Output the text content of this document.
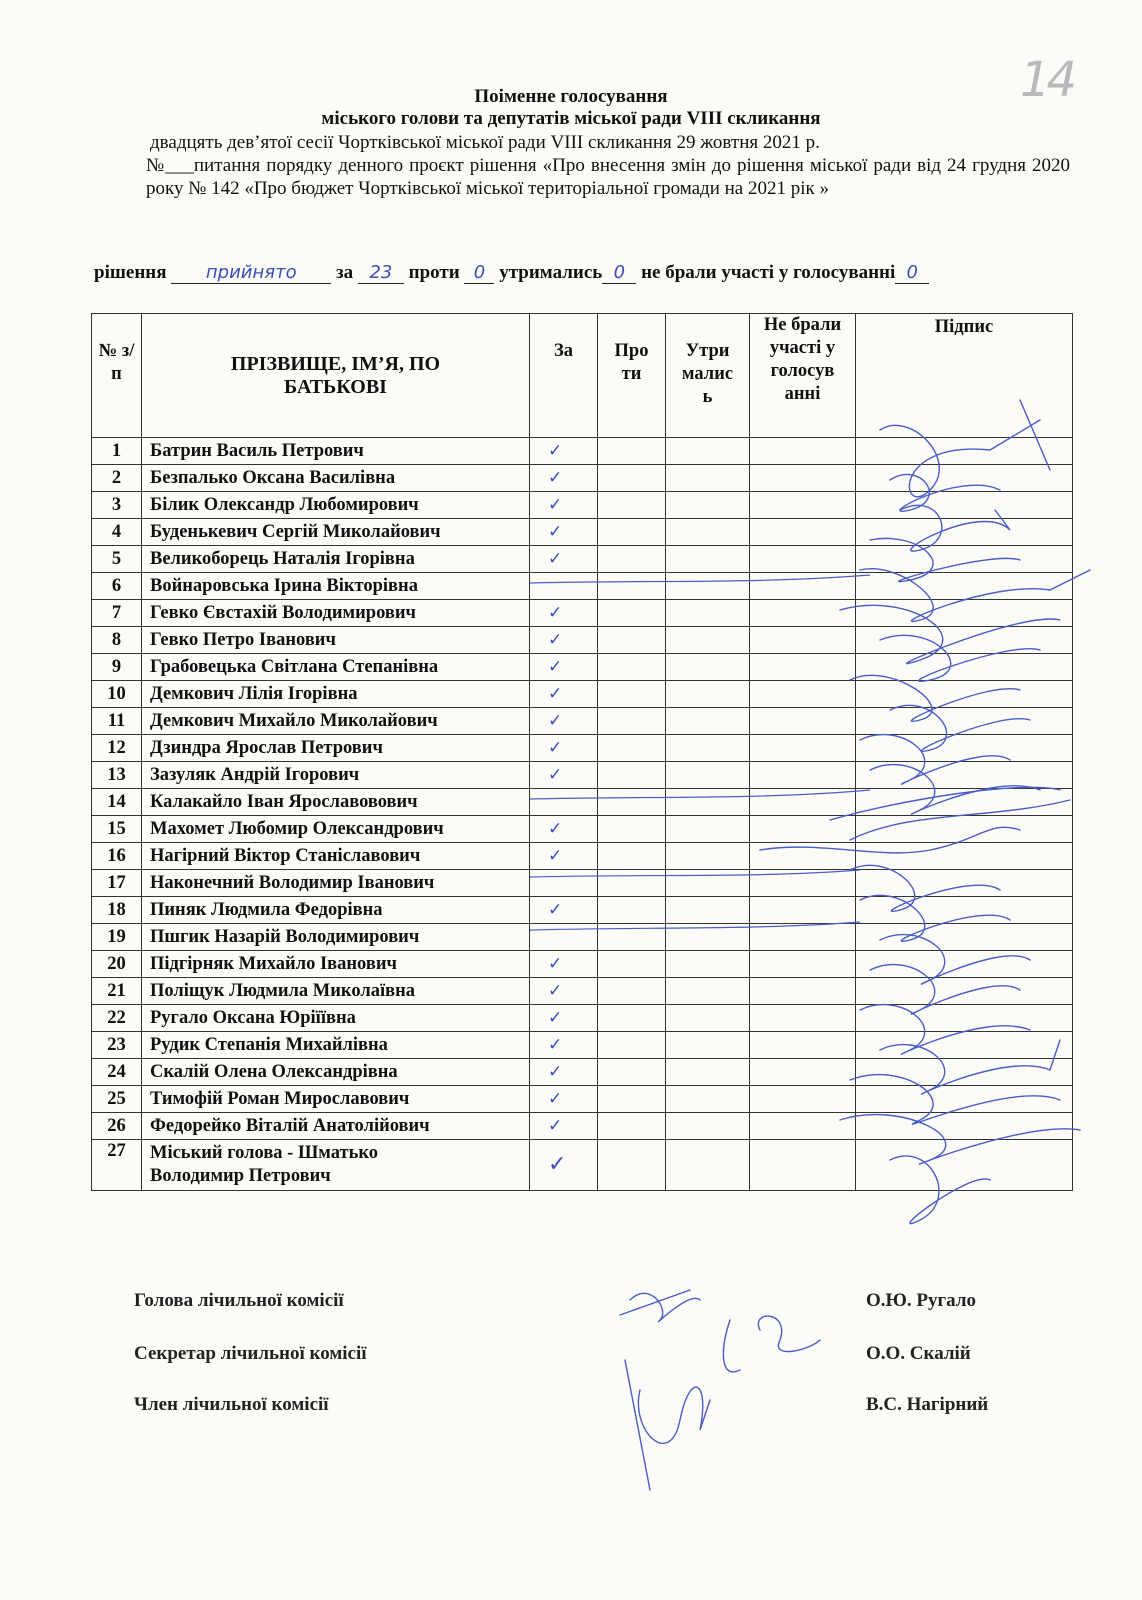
14
Поіменне голосування
міського голови та депутатів міської ради VIII скликання
двадцять дев’ятої сесії Чортківської міської ради VIII скликання 29 жовтня 2021 р.
№___питання порядку денного проєкт рішення «Про внесення змін до рішення міської ради від 24 грудня 2020 року № 142 «Про бюджет Чортківської міської територіальної громади на 2021 рік »
рішення прийнято за 23 проти 0 утримались 0 не брали участі у голосуванні 0
№ з/п	ПРІЗВИЩЕ, ІМ’Я, ПО БАТЬКОВІ	За	Про ти	Утри малис ь	Не брали участі у голосув анні	Підпис
1	Батрин Василь Петрович	✓				
2	Безпалько Оксана Василівна	✓				
3	Білик Олександр Любомирович	✓				
4	Буденькевич Сергій Миколайович	✓				
5	Великоборець Наталія Ігорівна	✓				
6	Войнаровська Ірина Вікторівна					
7	Гевко Євстахій Володимирович	✓				
8	Гевко Петро Іванович	✓				
9	Грабовецька Світлана Степанівна	✓				
10	Демкович Лілія Ігорівна	✓				
11	Демкович Михайло Миколайович	✓				
12	Дзиндра Ярослав Петрович	✓				
13	Зазуляк Андрій Ігорович	✓				
14	Калакайло Іван Ярославовович					
15	Махомет Любомир Олександрович	✓				
16	Нагірний Віктор Станіславович	✓				
17	Наконечний Володимир Іванович					
18	Пиняк Людмила Федорівна	✓				
19	Пшгик Назарій Володимирович					
20	Підгірняк Михайло Іванович	✓				
21	Поліщук Людмила Миколаївна	✓				
22	Ругало Оксана Юріїївна	✓				
23	Рудик Степанія Михайлівна	✓				
24	Скалій Олена Олександрівна	✓				
25	Тимофій Роман Мирославович	✓				
26	Федорейко Віталій Анатолійович	✓				
27	Міський голова - Шматько
Володимир Петрович	✓				
Голова лічильної комісії	О.Ю. Ругало
Секретар лічильної комісії	О.О. Скалій
Член лічильної комісії	В.С. Нагірний
